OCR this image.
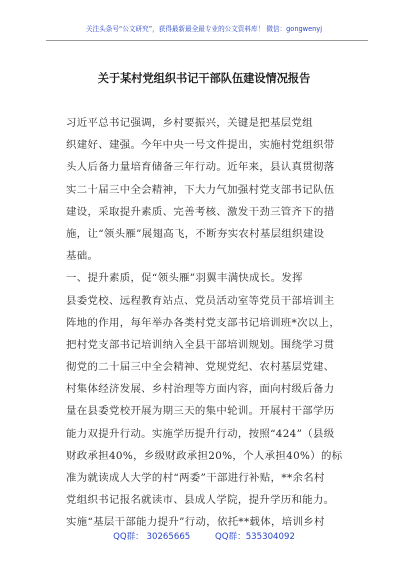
关注头条号“公文研究”，获得最新最全最专业的公文资料库！ 微信：gongwenyj
关于某村党组织书记干部队伍建设情况报告
习近平总书记强调，乡村要振兴，关键是把基层党组
织建好、建强。今年中央一号文件提出，实施村党组织带
头人后备力量培育储备三年行动。近年来，县认真贯彻落
实二十届三中全会精神，下大力气加强村党支部书记队伍
建设，采取提升素质、完善考核、激发干劲三管齐下的措
施，让“领头雁”展翅高飞，不断夯实农村基层组织建设
基础。
一、提升素质，促“领头雁”羽翼丰满快成长。发挥
县委党校、远程教育站点、党员活动室等党员干部培训主
阵地的作用，每年举办各类村党支部书记培训班*次以上，
把村党支部书记培训纳入全县干部培训规划。围绕学习贯
彻党的二十届三中全会精神、党规党纪、农村基层党建、
村集体经济发展、乡村治理等方面内容，面向村级后备力
量在县委党校开展为期三天的集中轮训。开展村干部学历
能力双提升行动。实施学历提升行动，按照“424”（县级
财政承担40%，乡级财政承担20%，个人承担40%）的标
准为就读成人大学的村“两委”干部进行补贴，**余名村
党组织书记报名就读市、县成人学院，提升学历和能力。
实施“基层干部能力提升”行动，依托**载体，培训乡村
QQ群： 30265665	QQ群：535304092
